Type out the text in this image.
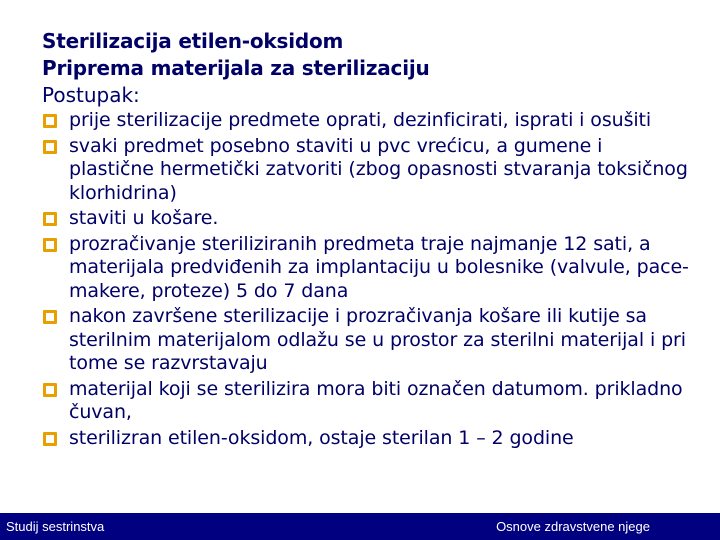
Sterilizacija etilen-oksidom
Priprema materijala za sterilizaciju
Postupak:
prije sterilizacije predmete oprati, dezinficirati, isprati i osušiti
svaki predmet posebno staviti u pvc vrećicu, a gumene i plastične hermetički zatvoriti (zbog opasnosti stvaranja toksičnog klorhidrina)
staviti u košare.
prozračivanje steriliziranih predmeta traje najmanje 12 sati, a materijala predviđenih za implantaciju u bolesnike (valvule, pace-makere, proteze) 5 do 7 dana
nakon završene sterilizacije i prozračivanja košare ili kutije sa sterilnim materijalom odlažu se u prostor za sterilni materijal i pri tome se razvrstavaju
materijal koji se sterilizira mora biti označen datumom. prikladno čuvan,
sterilizran etilen-oksidom, ostaje sterilan 1 – 2 godine
Studij sestrinstva	Osnove zdravstvene njege
